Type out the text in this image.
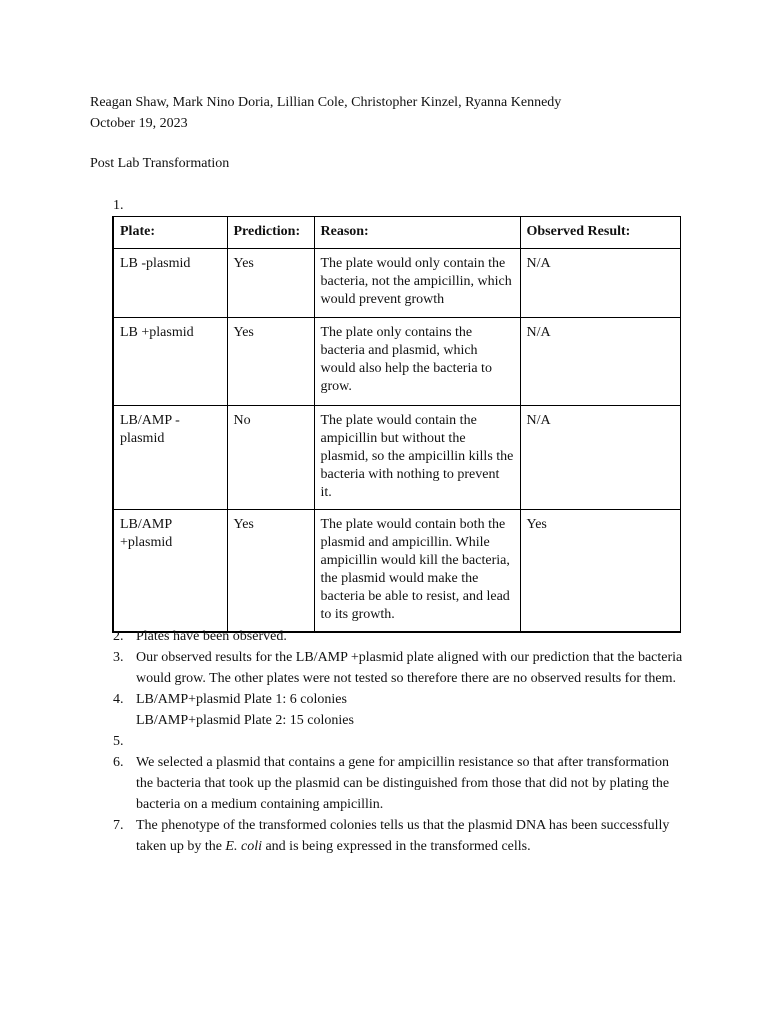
Reagan Shaw, Mark Nino Doria, Lillian Cole, Christopher Kinzel, Ryanna Kennedy
October 19, 2023
Post Lab Transformation
1.
Plate:	Prediction:	Reason:	Observed Result:
LB -plasmid	Yes	The plate would only contain the bacteria, not the ampicillin, which would prevent growth	N/A
LB +plasmid	Yes	The plate only contains the bacteria and plasmid, which would also help the bacteria to grow.	N/A

LB/AMP -plasmid	No	The plate would contain the ampicillin but without the plasmid, so the ampicillin kills the bacteria with nothing to prevent it.	N/A

LB/AMP +plasmid	Yes	The plate would contain both the plasmid and ampicillin. While ampicillin would kill the bacteria, the plasmid would make the bacteria be able to resist, and lead to its growth.	Yes
2. Plates have been observed.
3. Our observed results for the LB/AMP +plasmid plate aligned with our prediction that the bacteria would grow. The other plates were not tested so therefore there are no observed results for them.
4. LB/AMP+plasmid Plate 1: 6 colonies
LB/AMP+plasmid Plate 2: 15 colonies
5.
6. We selected a plasmid that contains a gene for ampicillin resistance so that after transformation the bacteria that took up the plasmid can be distinguished from those that did not by plating the bacteria on a medium containing ampicillin.
7. The phenotype of the transformed colonies tells us that the plasmid DNA has been successfully taken up by the E. coli and is being expressed in the transformed cells.
